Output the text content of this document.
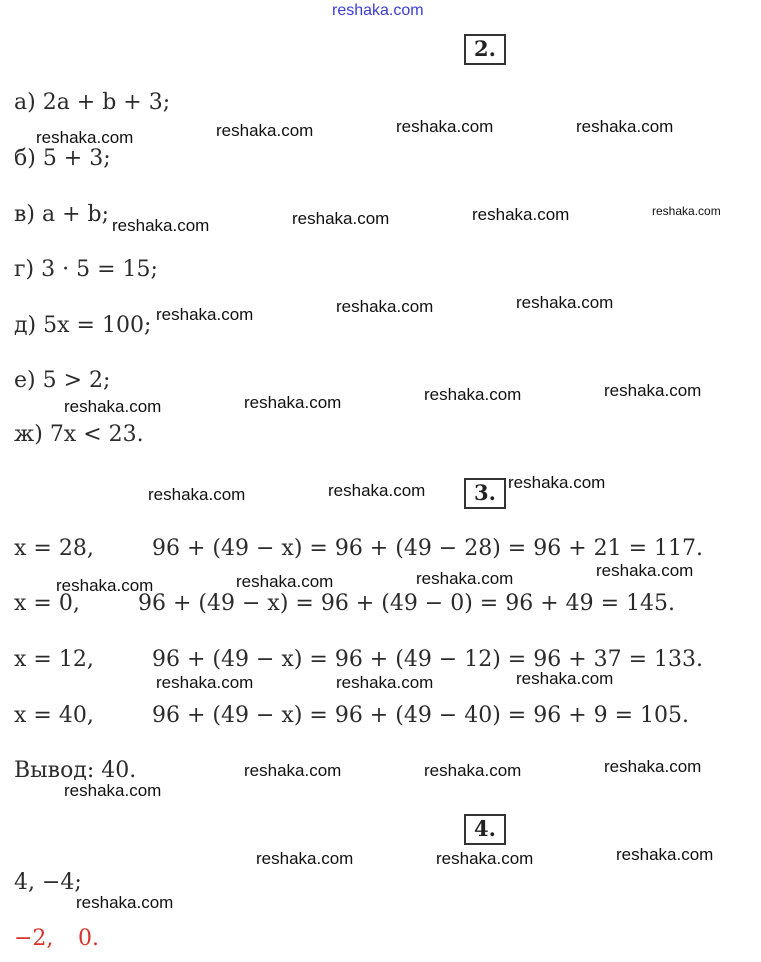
reshaka.com
2.
а) 2a + b + 3;
б) 5 + 3;
в) a + b;
г) 3 · 5 = 15;
д) 5x = 100;
е) 5 > 2;
ж) 7x < 23.
3.
x = 28,	96 + (49 − x) = 96 + (49 − 28) = 96 + 21 = 117.
x = 0,	96 + (49 − x) = 96 + (49 − 0) = 96 + 49 = 145.
x = 12,	96 + (49 − x) = 96 + (49 − 12) = 96 + 37 = 133.
x = 40,	96 + (49 − x) = 96 + (49 − 40) = 96 + 9 = 105.
Вывод: 40.
4.
4, −4;
−2, 0.
reshaka.com	reshaka.com	reshaka.com	reshaka.com
reshaka.com	reshaka.com	reshaka.com	reshaka.com
reshaka.com	reshaka.com	reshaka.com
reshaka.com	reshaka.com	reshaka.com	reshaka.com
reshaka.com	reshaka.com	reshaka.com
reshaka.com	reshaka.com	reshaka.com	reshaka.com
reshaka.com	reshaka.com	reshaka.com
reshaka.com	reshaka.com	reshaka.com
reshaka.com
reshaka.com	reshaka.com	reshaka.com
reshaka.com
